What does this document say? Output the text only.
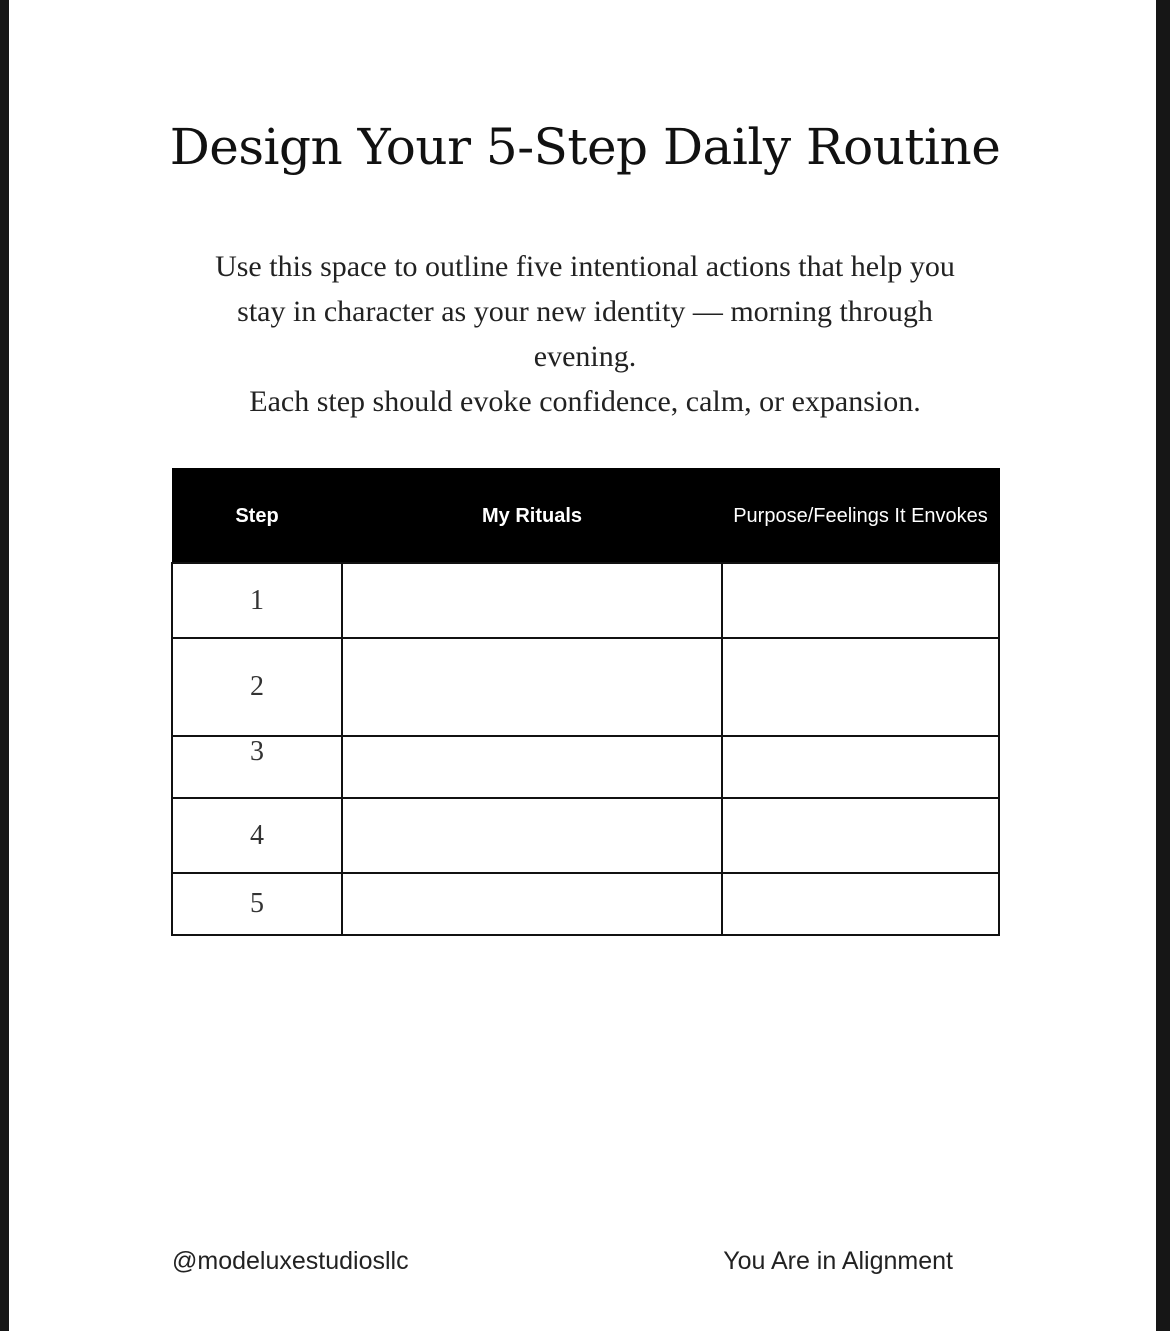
Design Your 5-Step Daily Routine

Use this space to outline five intentional actions that help you stay in character as your new identity — morning through evening.

Each step should evoke confidence, calm, or expansion.

Step	My Rituals	Purpose/Feelings It Envokes
1		
2		
3		
4		
5		
@modeluxestudiosllc	You Are in Alignment
